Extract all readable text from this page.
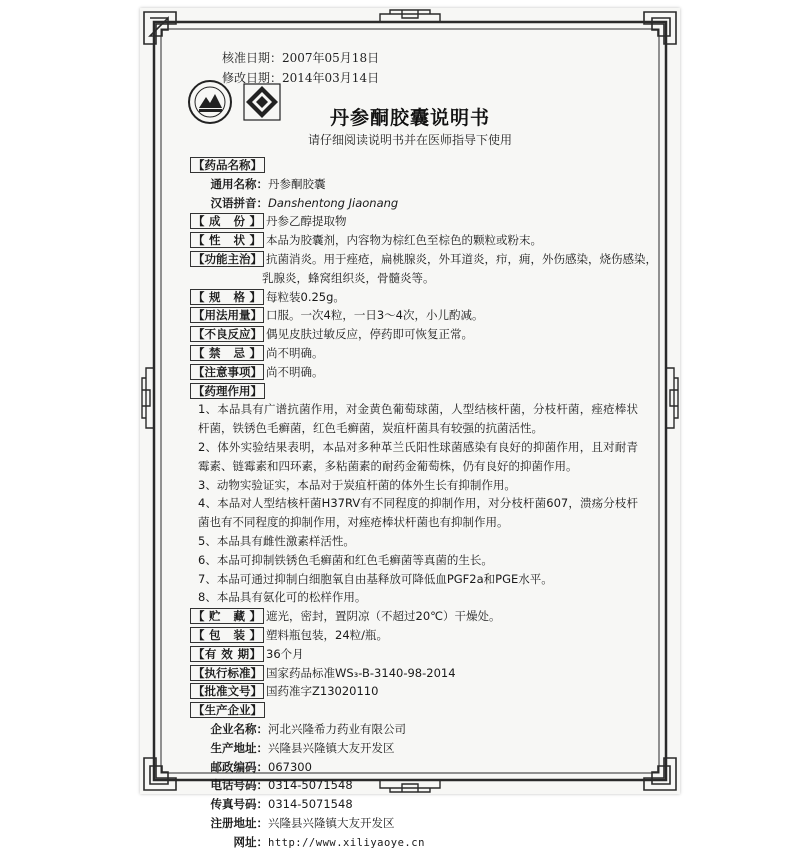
核准日期：2007年05月18日
修改日期：2014年03月14日
丹参酮胶囊说明书
请仔细阅读说明书并在医师指导下使用
【药品名称】
通用名称：丹参酮胶囊
汉语拼音：Danshentong Jiaonang
【成 份】 丹参乙醇提取物
【性 状】 本品为胶囊剂，内容物为棕红色至棕色的颗粒或粉末。
【功能主治】 抗菌消炎。用于痤疮，扁桃腺炎，外耳道炎，疖，痈，外伤感染，烧伤感染，
乳腺炎，蜂窝组织炎，骨髓炎等。
【规 格】 每粒装0.25g。
【用法用量】 口服。一次4粒，一日3～4次，小儿酌减。
【不良反应】 偶见皮肤过敏反应，停药即可恢复正常。
【禁 忌】 尚不明确。
【注意事项】 尚不明确。
【药理作用】
1、本品具有广谱抗菌作用，对金黄色葡萄球菌，人型结核杆菌，分枝杆菌，痤疮棒状杆菌，铁锈色毛癣菌，红色毛癣菌，炭疽杆菌具有较强的抗菌活性。
2、体外实验结果表明，本品对多种革兰氏阳性球菌感染有良好的抑菌作用，且对耐青霉素、链霉素和四环素，多粘菌素的耐药金葡萄株，仍有良好的抑菌作用。
3、动物实验证实，本品对于炭疽杆菌的体外生长有抑制作用。
4、本品对人型结核杆菌H37RV有不同程度的抑制作用，对分枝杆菌607，溃疡分枝杆菌也有不同程度的抑制作用，对痤疮棒状杆菌也有抑制作用。
5、本品具有雌性激素样活性。
6、本品可抑制铁锈色毛癣菌和红色毛癣菌等真菌的生长。
7、本品可通过抑制白细胞氧自由基释放可降低血PGF2a和PGE水平。
8、本品具有氨化可的松样作用。
【贮 藏】 遮光，密封，置阴凉（不超过20℃）干燥处。
【包 装】 塑料瓶包装，24粒/瓶。
【有 效 期】 36个月
【执行标准】 国家药品标准WS₃-B-3140-98-2014
【批准文号】 国药准字Z13020110
【生产企业】
企业名称：河北兴隆希力药业有限公司
生产地址：兴隆县兴隆镇大友开发区
邮政编码：067300
电话号码：0314-5071548
传真号码：0314-5071548
注册地址：兴隆县兴隆镇大友开发区
网址：http://www.xiliyaoye.cn
